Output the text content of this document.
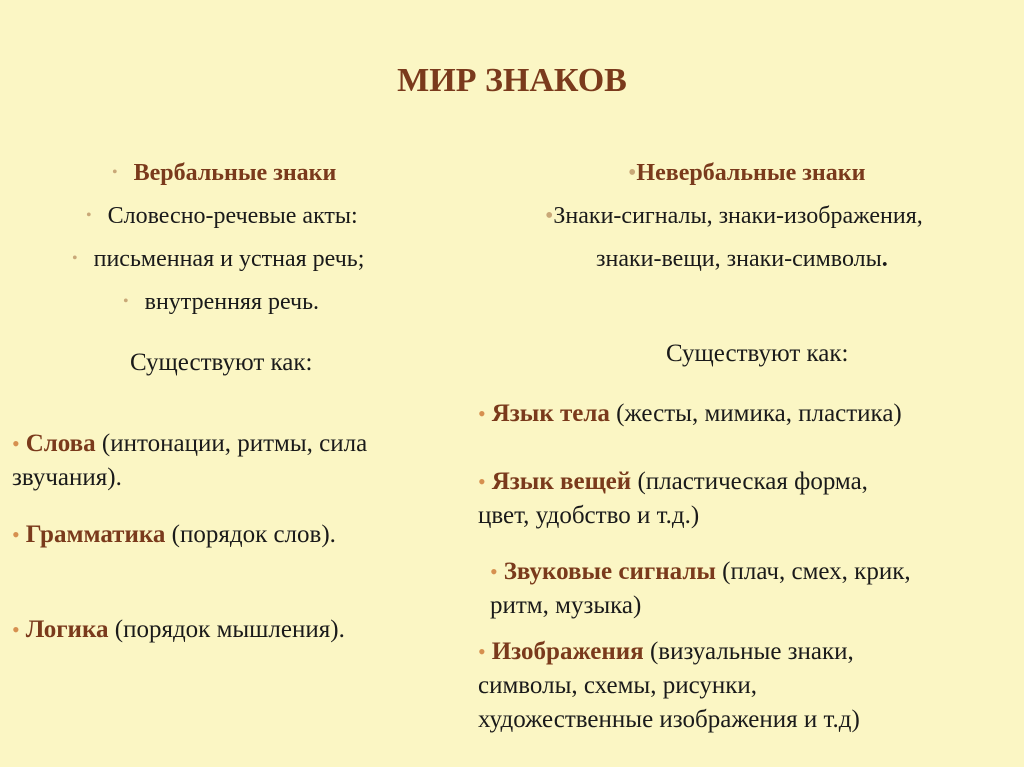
МИР ЗНАКОВ
• Вербальные знаки
• Словесно-речевые акты:
• письменная и устная речь;
• внутренняя речь.
Существуют как:
• Слова (интонации, ритмы, сила
звучания).
• Грамматика (порядок слов).
• Логика (порядок мышления).
•Невербальные знаки
•Знаки-сигналы, знаки-изображения,
знаки-вещи, знаки-символы.
Существуют как:
• Язык тела (жесты, мимика, пластика)
• Язык вещей (пластическая форма,
цвет, удобство и т.д.)
• Звуковые сигналы (плач, смех, крик,
ритм, музыка)
• Изображения (визуальные знаки,
символы, схемы, рисунки,
художественные изображения и т.д)
